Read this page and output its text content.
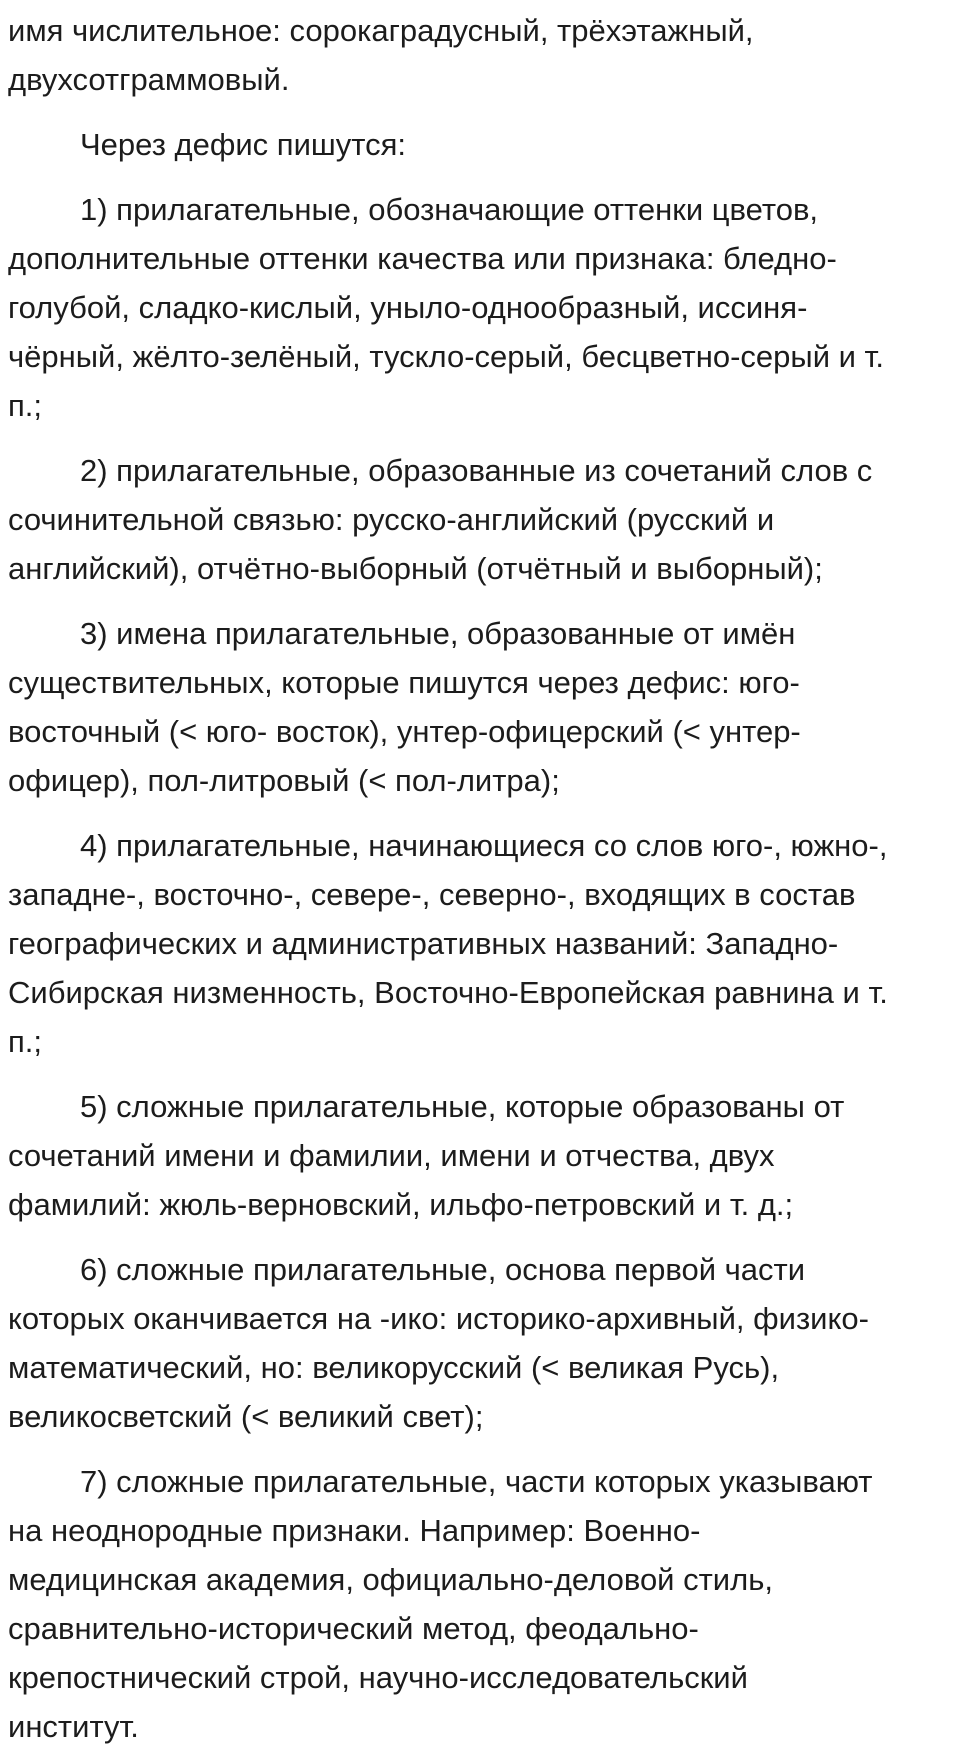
имя числительное: сорокаградусный, трёхэтажный,
двухсотграммовый.

Через дефис пишутся:

1) прилагательные, обозначающие оттенки цветов,
дополнительные оттенки качества или признака: бледно-
голубой, сладко-кислый, уныло-однообразный, иссиня-
чёрный, жёлто-зелёный, тускло-серый, бесцветно-серый и т.
п.;

2) прилагательные, образованные из сочетаний слов с
сочинительной связью: русско-английский (русский и
английский), отчётно-выборный (отчётный и выборный);

3) имена прилагательные, образованные от имён
существительных, которые пишутся через дефис: юго-
восточный (< юго- восток), унтер-офицерский (< унтер-
офицер), пол-литровый (< пол-литра);

4) прилагательные, начинающиеся со слов юго-, южно-,
западне-, восточно-, севере-, северно-, входящих в состав
географических и административных названий: Западно-
Сибирская низменность, Восточно-Европейская равнина и т.
п.;

5) сложные прилагательные, которые образованы от
сочетаний имени и фамилии, имени и отчества, двух
фамилий: жюль-верновский, ильфо-петровский и т. д.;

6) сложные прилагательные, основа первой части
которых оканчивается на -ико: историко-архивный, физико-
математический, но: великорусский (< великая Русь),
великосветский (< великий свет);

7) сложные прилагательные, части которых указывают
на неоднородные признаки. Например: Военно-
медицинская академия, официально-деловой стиль,
сравнительно-исторический метод, феодально-
крепостнический строй, научно-исследовательский
институт.
